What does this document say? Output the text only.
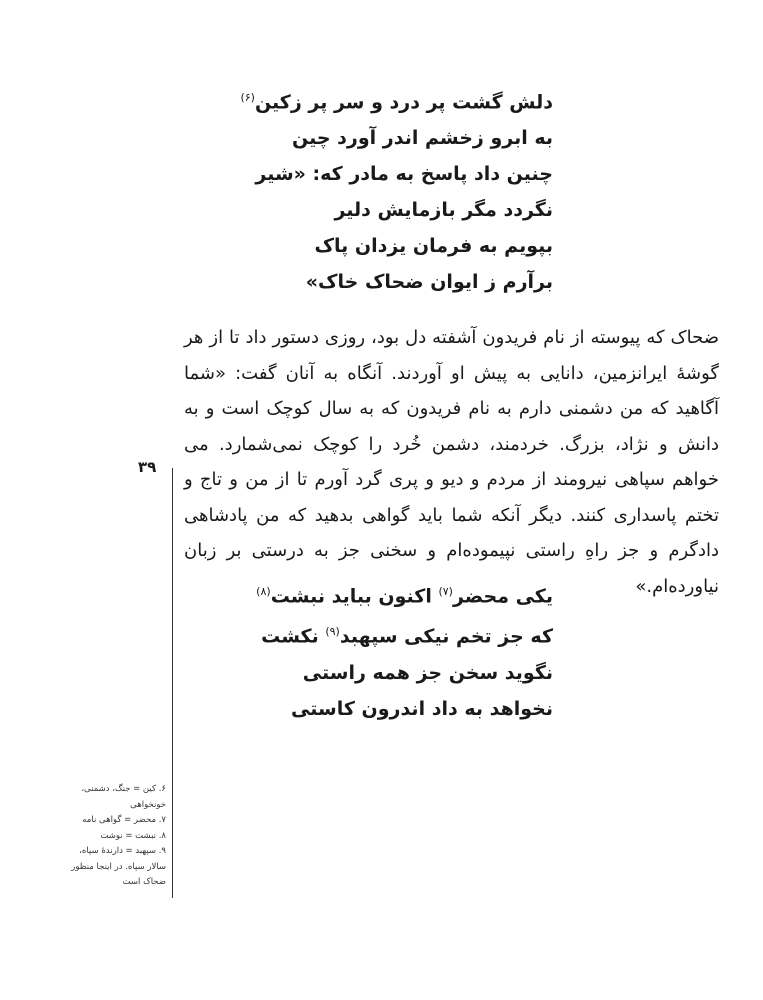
دلش گشت پر درد و سر پر زکین$^{(۶)}$
به ابرو زخشم اندر آورد چین
چنین داد پاسخ به مادر که: «شیر
نگردد مگر بازمایش دلیر
بپویم به فرمان یزدان پاک
برآرم ز ایوان ضحاک خاک»

ضحاک که پیوسته از نام فریدون آشفته دل بود، روزی دستور داد تا از هر گوشهٔ ایرانزمین، دانایی به پیش او آوردند. آنگاه به آنان گفت: «شما آگاهید که من دشمنی دارم به نام فریدون که به سال کوچک است و به دانش و نژاد، بزرگ. خردمند، دشمن خُرد را کوچک نمی‌شمارد. می خواهم سپاهی نیرومند از مردم و دیو و پری گرد آورم تا از من و تاج و تختم پاسداری کنند. دیگر آنکه شما باید گواهی بدهید که من پادشاهی دادگرم و جز راهِ راستی نپیموده‌ام و سخنی جز به درستی بر زبان نیاورده‌ام.»

۳۹
یکی محضر$^{(۷)}$ اکنون بباید نبشت$^{(۸)}$
که جز تخم نیکی سپهبد$^{(۹)}$ نکشت
نگوید سخن جز همه راستی
نخواهد به داد اندرون کاستی

۶. کین = جنگ، دشمنی، خونخواهی

۷. محضر = گواهی نامه

۸. نبشت = نوشت

۹. سپهبد = دارندهٔ سپاه، سالار سپاه. در اینجا منظور ضحاک است
